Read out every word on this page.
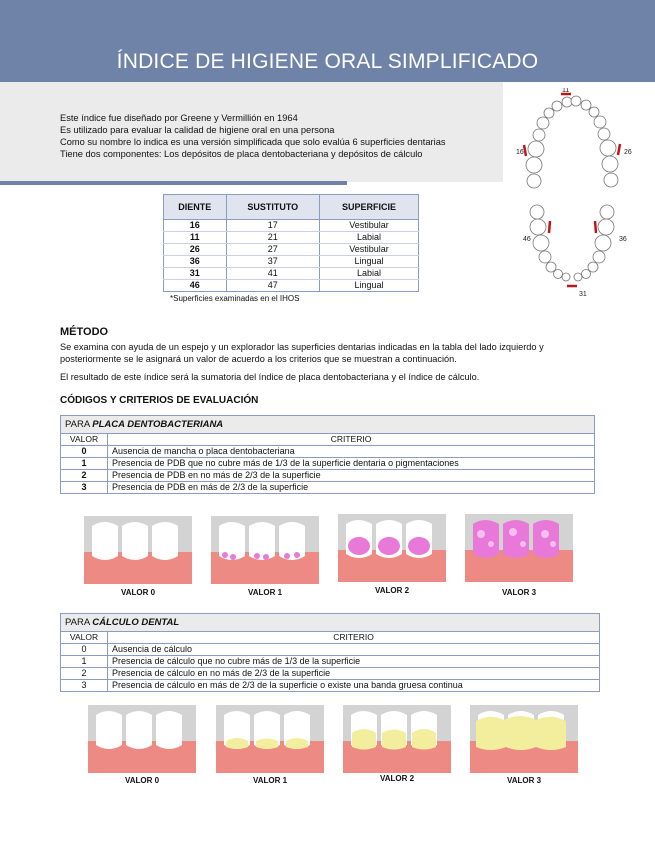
ÍNDICE DE HIGIENE ORAL SIMPLIFICADO
Este índice fue diseñado por Greene y Vermillión en 1964
Es utilizado para evaluar la calidad de higiene oral en una persona
Como su nombre lo indica es una versión simplificada que solo evalúa 6 superficies dentarias
Tiene dos componentes: Los depósitos de placa dentobacteriana y depósitos de cálculo
11
16	26
46	36
31
DIENTE	SUSTITUTO	SUPERFICIE
16	17	Vestibular
11	21	Labial
26	27	Vestibular
36	37	Lingual
31	41	Labial
46	47	Lingual
*Superficies examinadas en el IHOS
MÉTODO
Se examina con ayuda de un espejo y un explorador las superficies dentarias indicadas en la tabla del lado izquierdo y
posteriormente se le asignará un valor de acuerdo a los criterios que se muestran a continuación.
El resultado de este índice será la sumatoria del índice de placa dentobacteriana y el índice de cálculo.
CÓDIGOS Y CRITERIOS DE EVALUACIÓN
PARA PLACA DENTOBACTERIANA	
VALOR	CRITERIO
0	Ausencia de mancha o placa dentobacteriana
1	Presencia de PDB que no cubre más de 1/3 de la superficie dentaria o pigmentaciones
2	Presencia de PDB en no más de 2/3 de la superficie
3	Presencia de PDB en más de 2/3 de la superficie
VALOR 0	VALOR 1	VALOR 2	VALOR 3
PARA CÁLCULO DENTAL	
VALOR	CRITERIO
0	Ausencia de cálculo
1	Presencia de cálculo que no cubre más de 1/3 de la superficie
2	Presencia de cálculo en no más de 2/3 de la superficie
3	Presencia de cálculo en más de 2/3 de la superficie o existe una banda gruesa continua
VALOR 0	VALOR 1	VALOR 2	VALOR 3
